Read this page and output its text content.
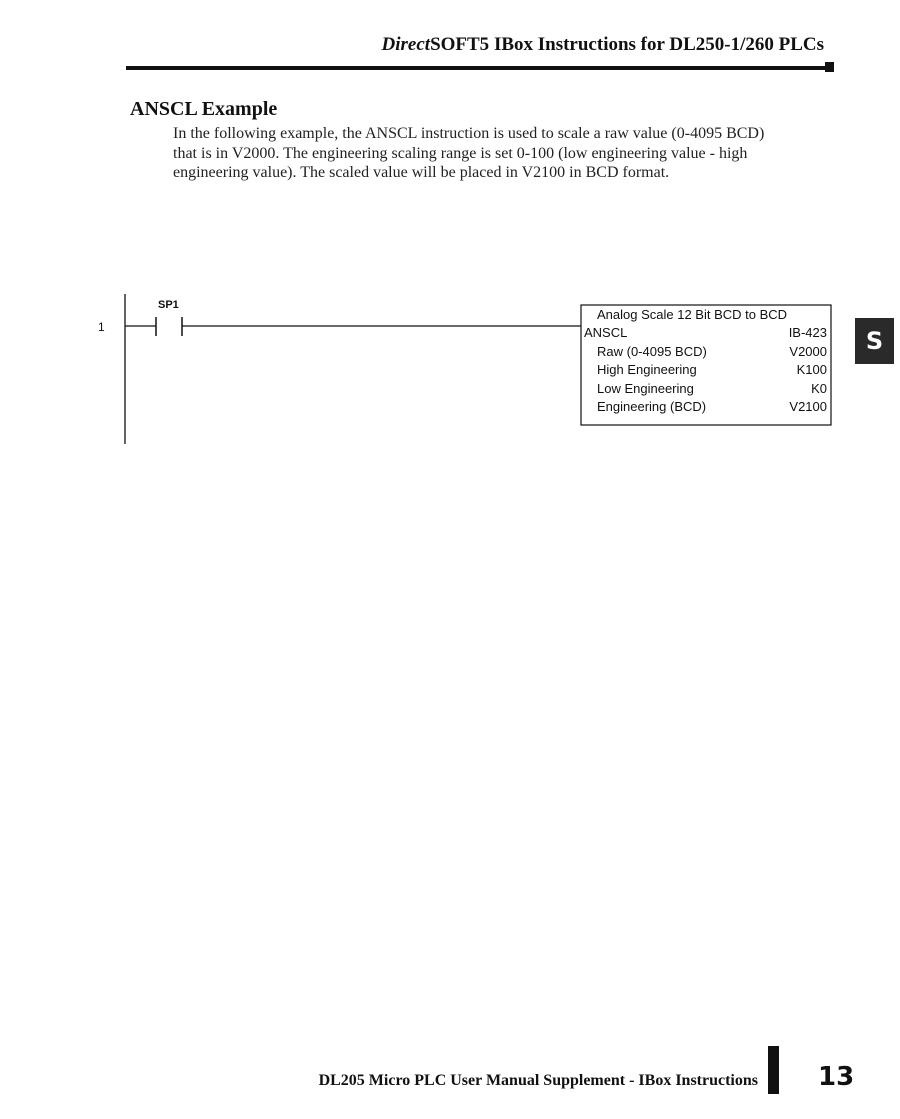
DirectSOFT5 IBox Instructions for DL250-1/260 PLCs
ANSCL Example
In the following example, the ANSCL instruction is used to scale a raw value (0-4095 BCD)
that is in V2000. The engineering scaling range is set 0-100 (low engineering value - high
engineering value). The scaled value will be placed in V2100 in BCD format.
S
1
SP1
Analog Scale 12 Bit BCD to BCD
ANSCL	IB-423
Raw (0-4095 BCD)	V2000
High Engineering	K100
Low Engineering	K0
Engineering (BCD)	V2100
DL205 Micro PLC User Manual Supplement - IBox Instructions 13
